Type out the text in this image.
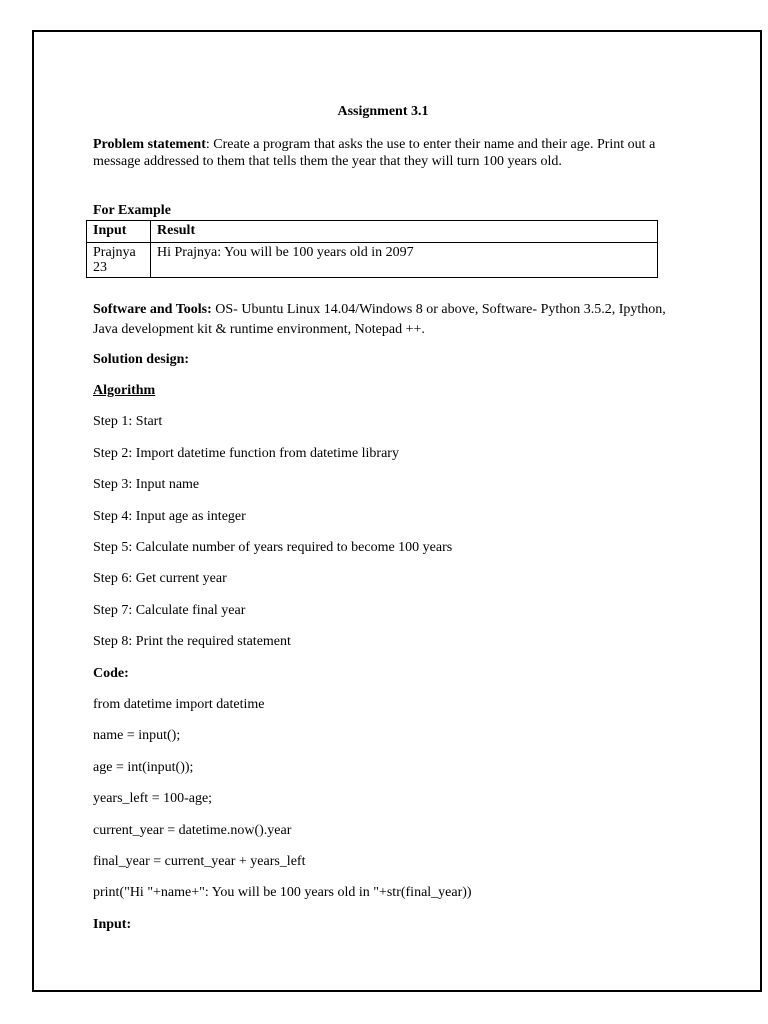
Assignment 3.1
Problem statement: Create a program that asks the use to enter their name and their age. Print out a message addressed to them that tells them the year that they will turn 100 years old.
For Example
Software and Tools: OS- Ubuntu Linux 14.04/Windows 8 or above, Software- Python 3.5.2, Ipython, Java development kit & runtime environment, Notepad ++.
Solution design:
Algorithm
Step 1: Start
Step 2: Import datetime function from datetime library
Step 3: Input name
Step 4: Input age as integer
Step 5: Calculate number of years required to become 100 years
Step 6: Get current year
Step 7: Calculate final year
Step 8: Print the required statement
Code:
from datetime import datetime
name = input();
age = int(input());
years_left = 100-age;
current_year = datetime.now().year
final_year = current_year + years_left
print("Hi "+name+": You will be 100 years old in "+str(final_year))
Input:
Input	Result

Prajnya
23	Hi Prajnya: You will be 100 years old in 2097
